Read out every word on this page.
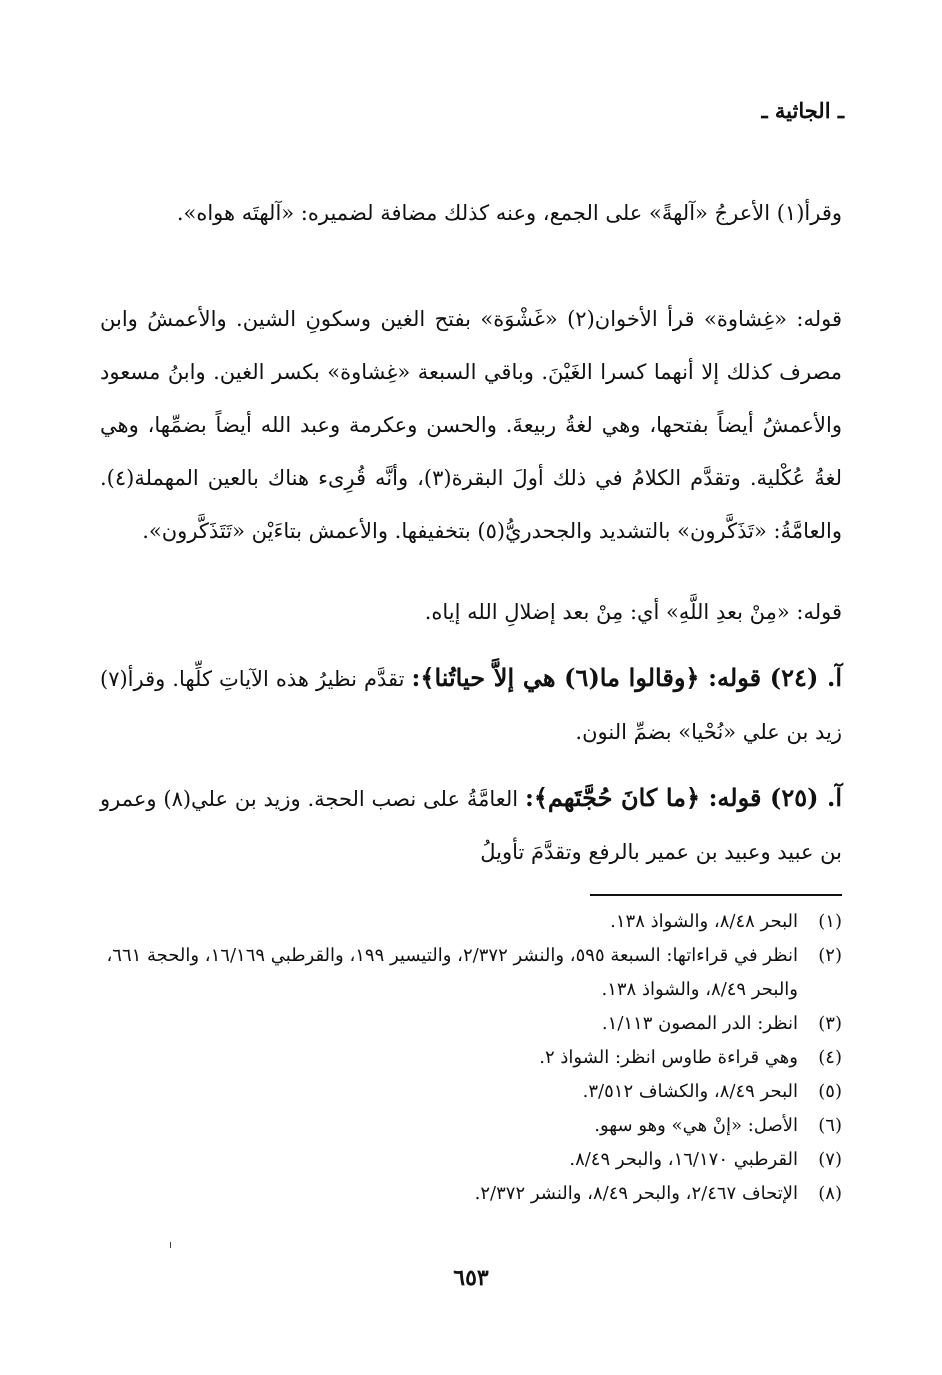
ـ الجاثية ـ

وقرأ(١) الأعرجُ «آلهةً» على الجمع، وعنه كذلك مضافة لضميره: «آلهتَه هواه».

قوله: «غِشاوة» قرأ الأخوان(٢) «غَشْوَة» بفتح الغين وسكونِ الشين. والأعمشُ وابن مصرف كذلك إلا أنهما كسرا الغَيْنَ. وباقي السبعة «غِشاوة» بكسر الغين. وابنُ مسعود والأعمشُ أيضاً بفتحها، وهي لغةُ ربيعةَ. والحسن وعكرمة وعبد الله أيضاً بضمِّها، وهي لغةُ عُكْلية. وتقدَّم الكلامُ في ذلك أولَ البقرة(٣)، وأنَّه قُرِىء هناك بالعين المهملة(٤). والعامَّةُ: «تَذَكَّرون» بالتشديد والجحدريُّ(٥) بتخفيفها. والأعمش بتاءَيْن «تَتَذَكَّرون».

قوله: «مِنْ بعدِ اللَّهِ» أي: مِنْ بعد إضلالِ الله إياه.

آ. (٢٤) قوله: ﴿وقالوا ما(٦) هي إلاَّ حياتُنا﴾: تقدَّم نظيرُ هذه الآياتِ كلِّها. وقرأ(٧) زيد بن علي «نُحْيا» بضمِّ النون.

آ. (٢٥) قوله: ﴿ما كانَ حُجَّتَهم﴾: العامَّةُ على نصب الحجة. وزيد بن علي(٨) وعمرو بن عبيد وعبيد بن عمير بالرفع وتقدَّمَ تأويلُ

(١)
البحر ٨/٤٨، والشواذ ١٣٨.
(٢)
انظر في قراءاتها: السبعة ٥٩٥، والنشر ٢/٣٧٢، والتيسير ١٩٩، والقرطبي ١٦/١٦٩، والحجة ٦٦١، والبحر ٨/٤٩، والشواذ ١٣٨.
(٣)
انظر: الدر المصون ١/١١٣.
(٤)
وهي قراءة طاوس انظر: الشواذ ٢.
(٥)
البحر ٨/٤٩، والكشاف ٣/٥١٢.
(٦)
الأصل: «إنْ هي» وهو سهو.
(٧)
القرطبي ١٦/١٧٠، والبحر ٨/٤٩.
(٨)
الإتحاف ٢/٤٦٧، والبحر ٨/٤٩، والنشر ٢/٣٧٢.
٦٥٣
